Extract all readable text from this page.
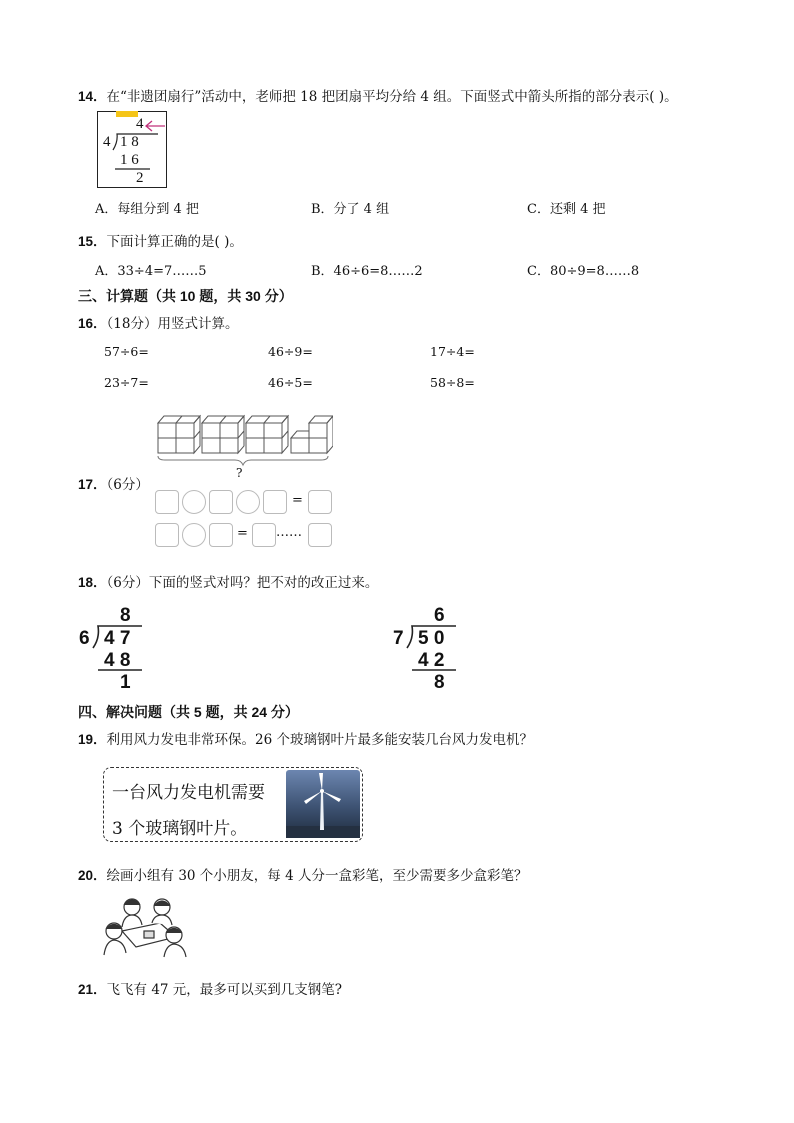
14．在“非遗团扇行”活动中，老师把 18 把团扇平均分给 4 组。下面竖式中箭头所指的部分表示( )。
4
4 1 8
1 6
2
A．每组分到 4 把	B．分了 4 组	C．还剩 4 把
15．下面计算正确的是( )。
A．33÷4=7……5	B．46÷6=8……2	C．80÷9=8……8
三、计算题（共 10 题，共 30 分）
16．（18分）用竖式计算。
57÷6=	46÷9=	17÷4=
23÷7=	46÷5=	58÷8=
17．（6分）
?
=
= ……
18．（6分）下面的竖式对吗？把不对的改正过来。
8
6 4 7
4 8
1
6
7 5 0
4 2
8
四、解决问题（共 5 题，共 24 分）
19．利用风力发电非常环保。26 个玻璃钢叶片最多能安装几台风力发电机？
一台风力发电机需要
3 个玻璃钢叶片。
20．绘画小组有 30 个小朋友，每 4 人分一盒彩笔，至少需要多少盒彩笔？
21．飞飞有 47 元，最多可以买到几支钢笔?
